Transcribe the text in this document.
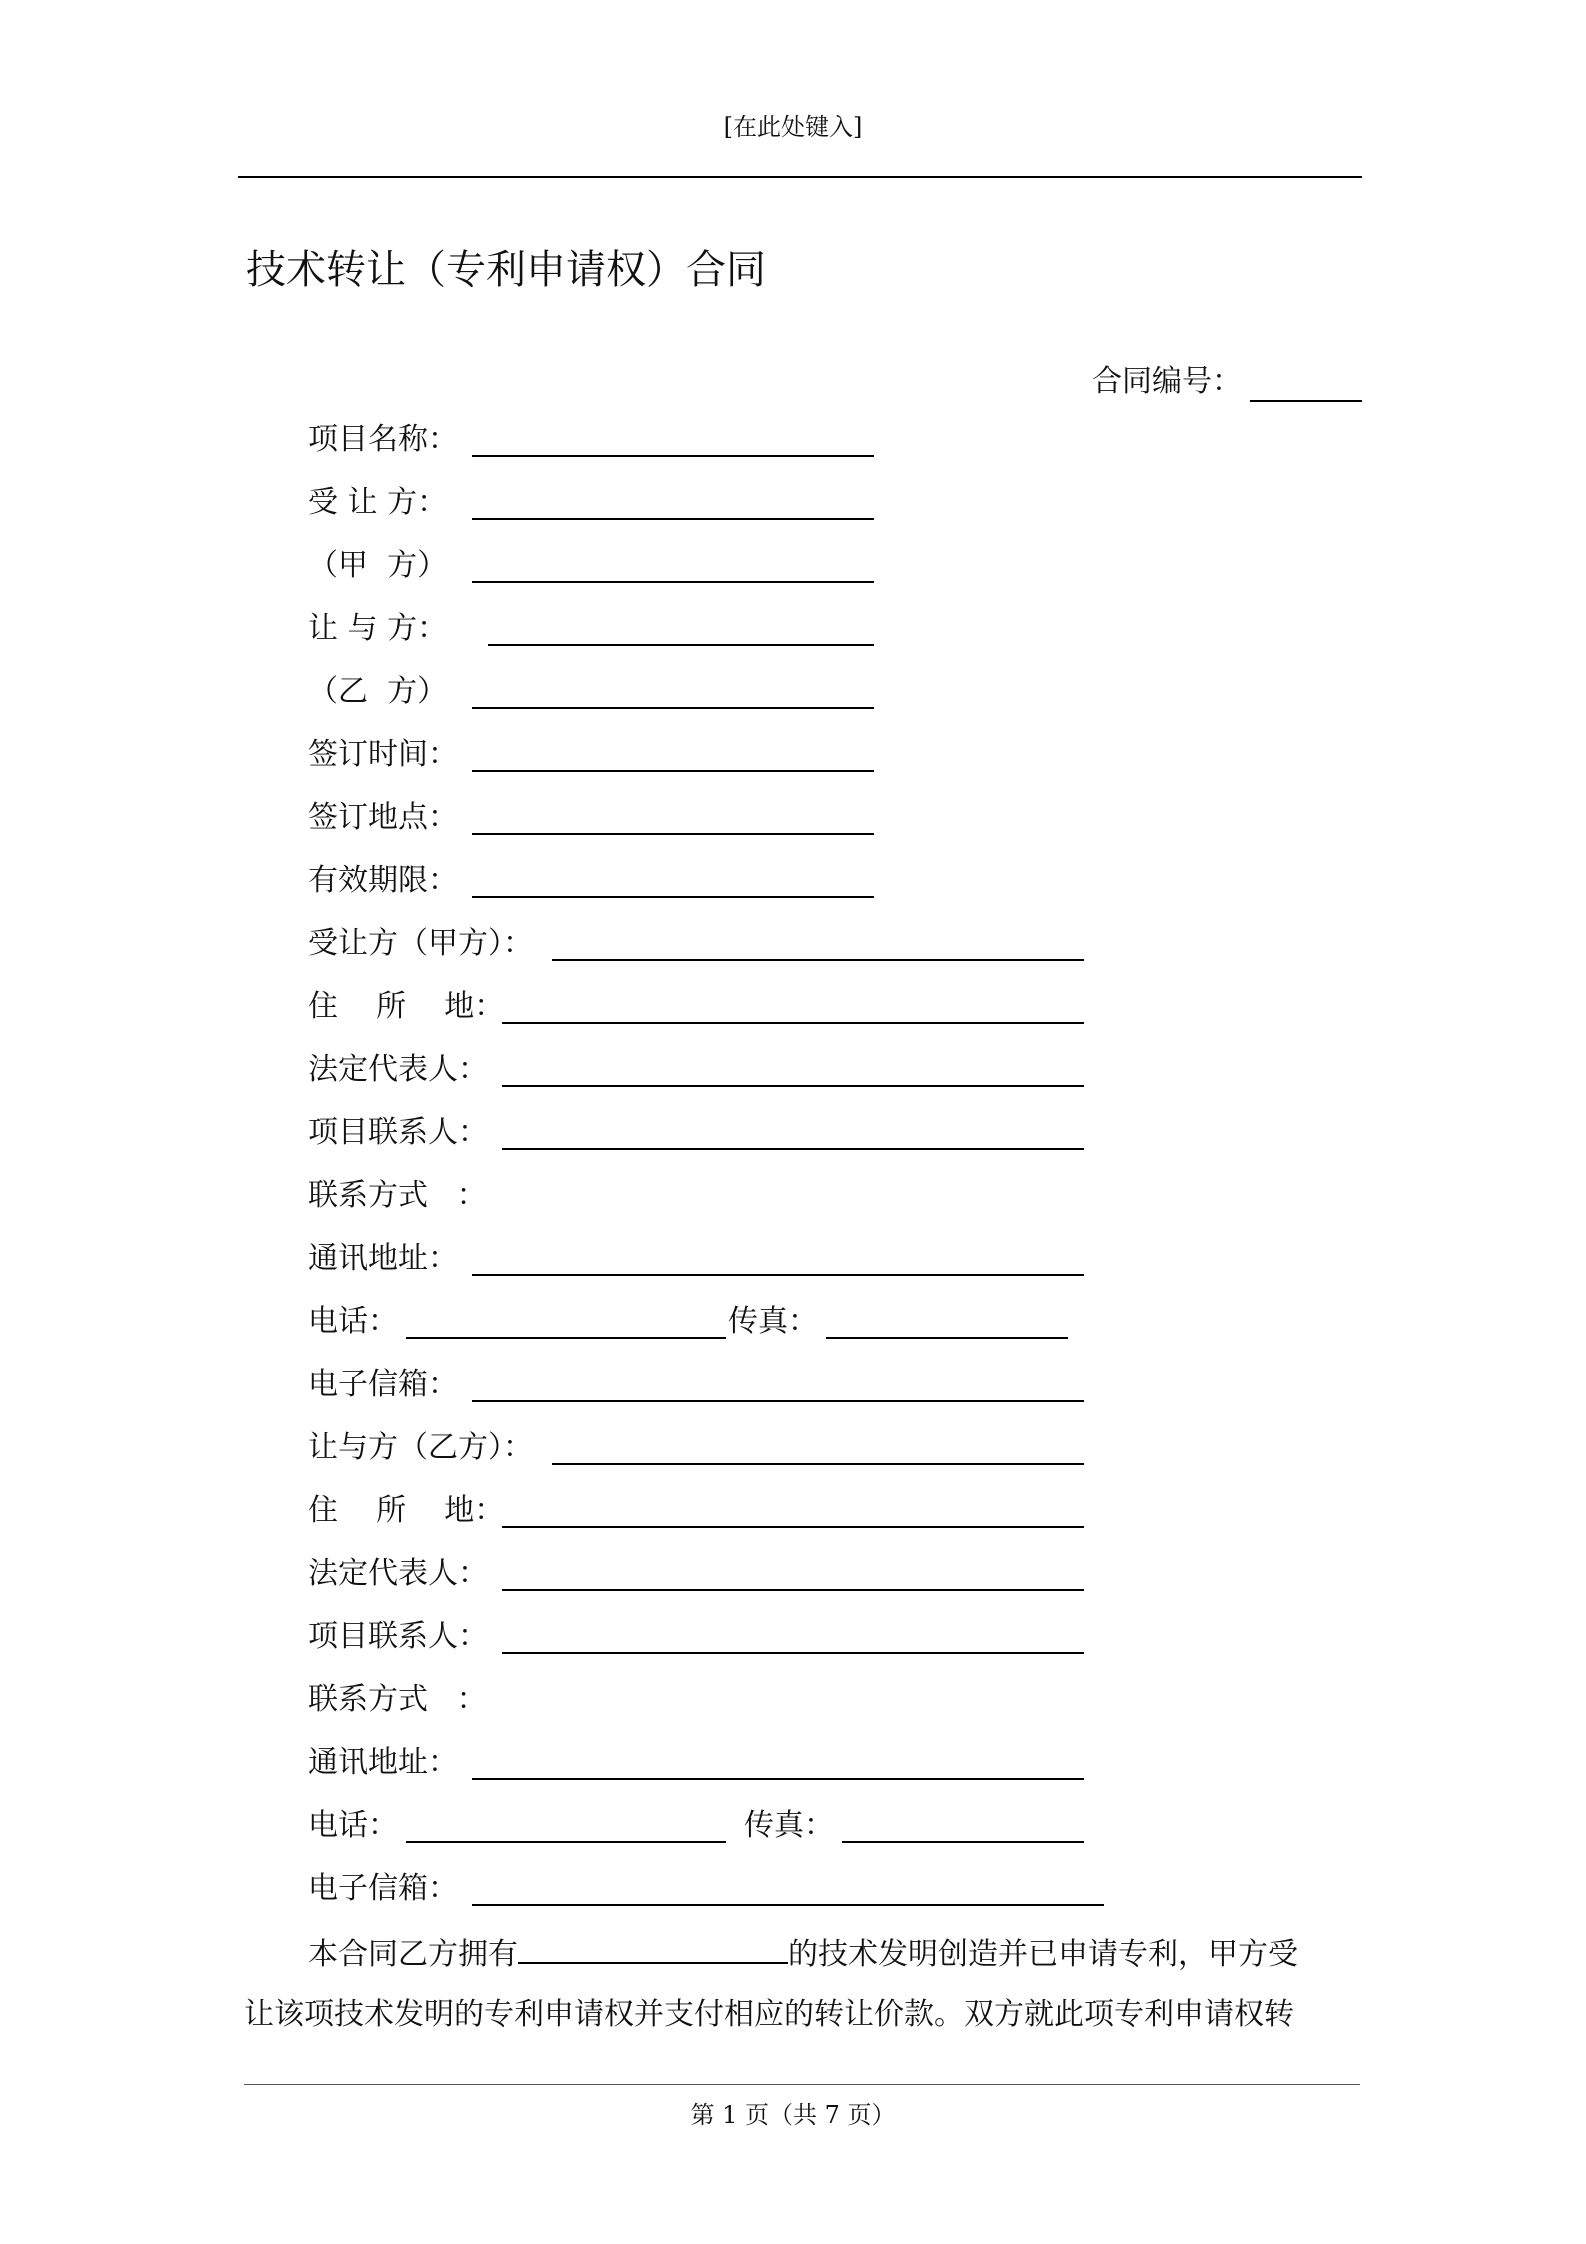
[在此处键入]
技术转让（专利申请权）合同
合同编号：
项目名称：
受 让 方：
（甲  方）
让 与 方：
（乙  方）
签订时间：
签订地点：
有效期限：
受让方（甲方）：
住    所    地：
法定代表人：
项目联系人：
联系方式   ：
通讯地址：
电话：	传真：
电子信箱：
让与方（乙方）：
住    所    地：
法定代表人：
项目联系人：
联系方式   ：
通讯地址：
电话：	传真：
电子信箱：
本合同乙方拥有	的技术发明创造并已申请专利，甲方受
让该项技术发明的专利申请权并支付相应的转让价款。双方就此项专利申请权转
第 1 页（共 7 页）
